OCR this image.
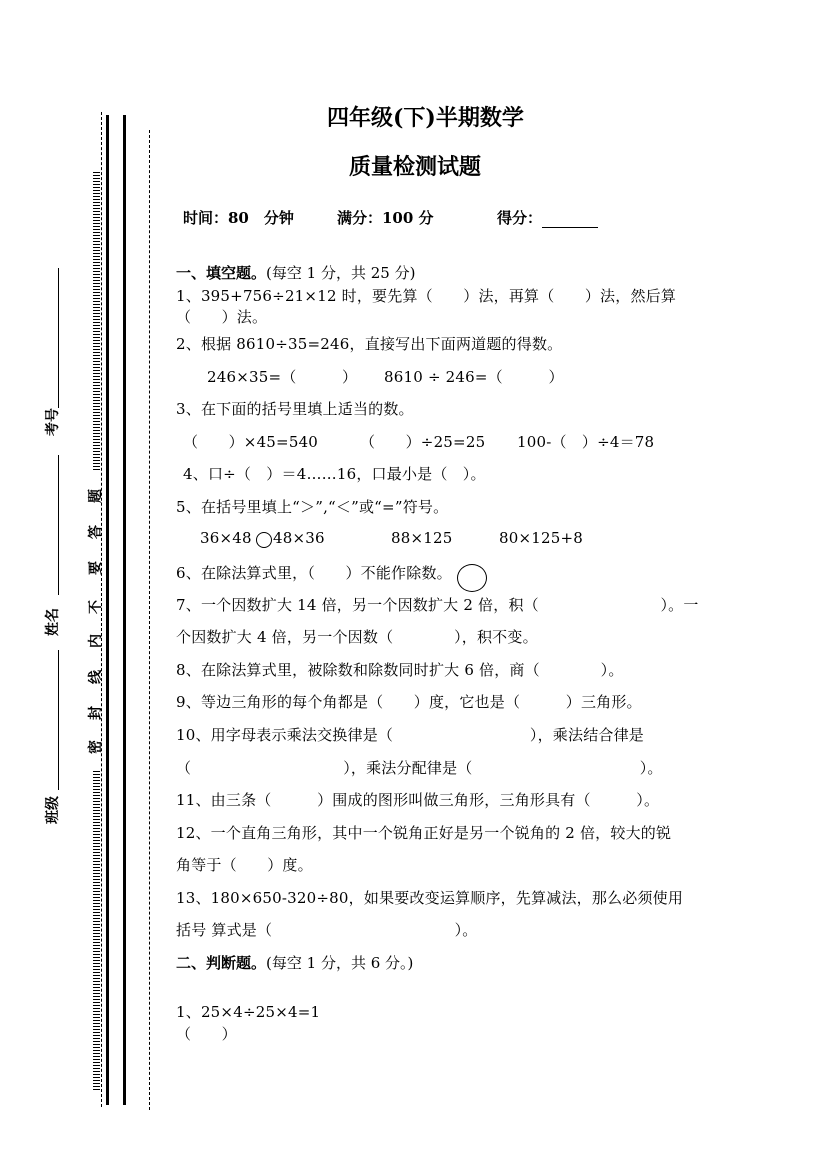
密
封
线
内
不
要
答
题
考号
姓名
班级
四年级(下)半期数学
质量检测试题
时间：80　分钟	满分：100 分	得分：
一、填空题。(每空 1 分，共 25 分)
1、395+756÷21×12 时，要先算（　　）法，再算（　　）法，然后算
（　　）法。
2、根据 8610÷35=246，直接写出下面两道题的得数。
246×35=（　　　） 8610 ÷ 246=（　　　）
3、在下面的括号里填上适当的数。
（　　）×45=540	（　　）÷25=25 100-（　）÷4＝78
4、口÷（　）＝4……16，口最小是（　）。
5、在括号里填上“＞”,“＜”或“=”符号。
36×48 48×36	88×125	80×125+8
6、在除法算式里，（　　）不能作除数。
7、一个因数扩大 14 倍，另一个因数扩大 2 倍，积（　　　　　　　　）。一
个因数扩大 4 倍，另一个因数（　　　　），积不变。
8、在除法算式里，被除数和除数同时扩大 6 倍，商（　　　　）。
9、等边三角形的每个角都是（　　）度，它也是（　　　）三角形。
10、用字母表示乘法交换律是（　　　　　　　　　），乘法结合律是
（　　　　　　　　　　），乘法分配律是（　　　　　　　　　　　）。
11、由三条（　　　）围成的图形叫做三角形，三角形具有（　　　）。
12、一个直角三角形，其中一个锐角正好是另一个锐角的 2 倍，较大的锐
角等于（　　）度。
13、180×650-320÷80，如果要改变运算顺序，先算减法，那么必须使用
括号 算式是（　　　　　　　　　　　　）。
二、判断题。(每空 1 分，共 6 分。)
1、25×4÷25×4=1
（　　）
